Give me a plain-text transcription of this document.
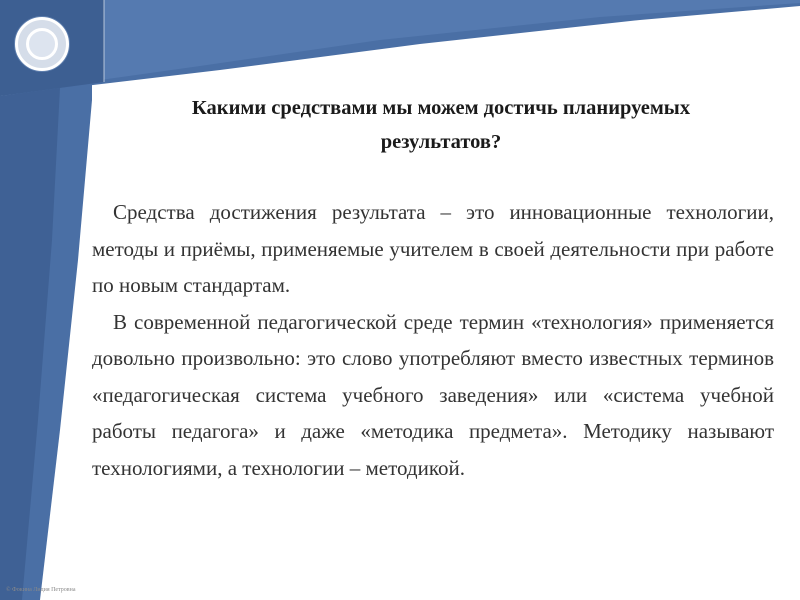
Какими средствами мы можем достичь планируемых
результатов?

Средства достижения результата – это инновационные технологии, методы и приёмы, применяемые учителем в своей деятельности при работе по новым стандартам.

В современной педагогической среде термин «технология» применяется довольно произвольно: это слово употребляют вместо известных терминов «педагогическая система учебного заведения» или «система учебной работы педагога» и даже «методика предмета». Методику называют технологиями, а технологии – методикой.

© Фокина Лидия Петровна
